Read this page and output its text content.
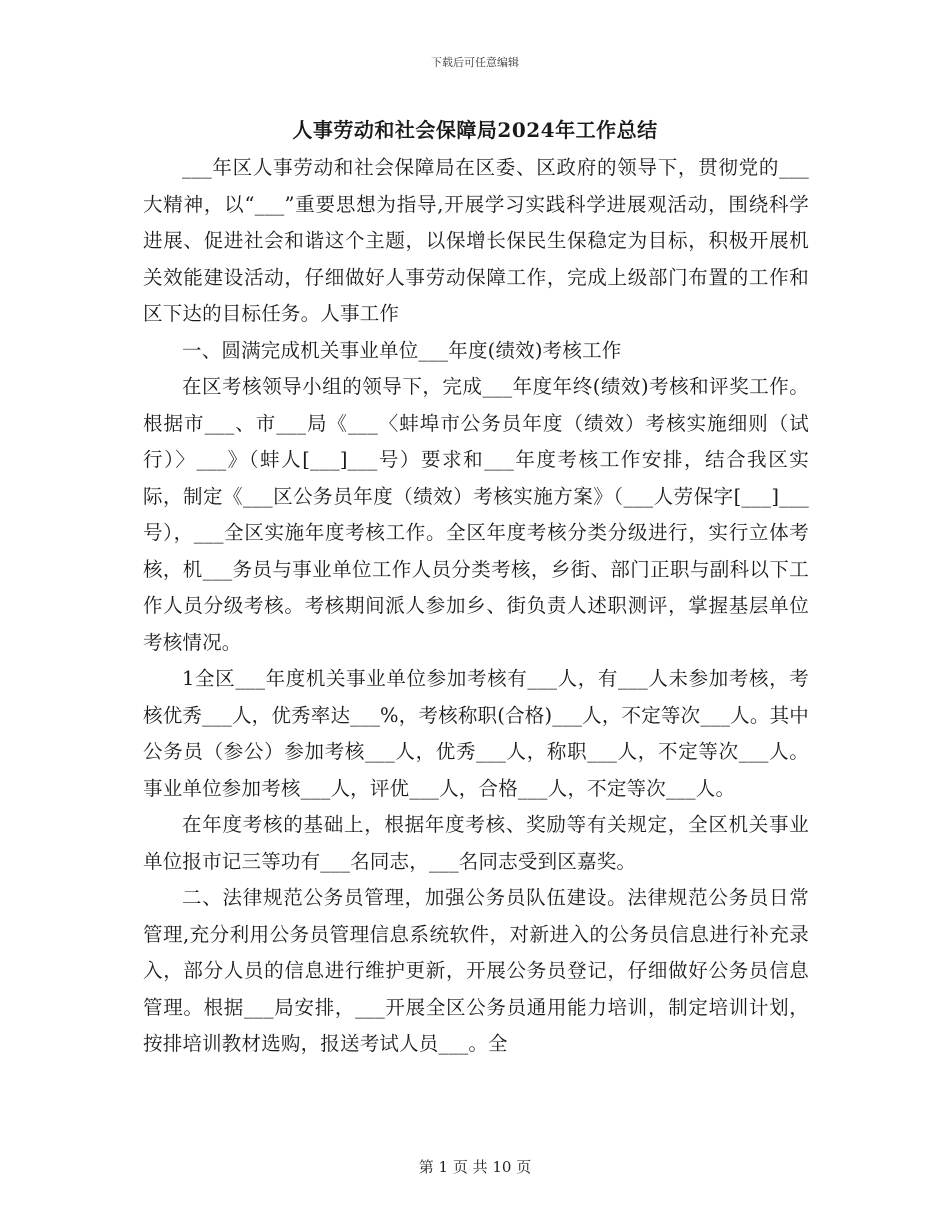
下载后可任意编辑
人事劳动和社会保障局2024年工作总结

___年区人事劳动和社会保障局在区委、区政府的领导下，贯彻党的___大精神，以“___”重要思想为指导,开展学习实践科学进展观活动，围绕科学进展、促进社会和谐这个主题，以保增长保民生保稳定为目标，积极开展机关效能建设活动，仔细做好人事劳动保障工作，完成上级部门布置的工作和区下达的目标任务。人事工作

一、圆满完成机关事业单位___年度(绩效)考核工作

在区考核领导小组的领导下，完成___年度年终(绩效)考核和评奖工作。根据市___、市___局《___〈蚌埠市公务员年度（绩效）考核实施细则（试行）〉___》（蚌人[___]___号）要求和___年度考核工作安排，结合我区实际，制定《___区公务员年度（绩效）考核实施方案》（___人劳保字[___]___号），___全区实施年度考核工作。全区年度考核分类分级进行，实行立体考核，机___务员与事业单位工作人员分类考核，乡街、部门正职与副科以下工作人员分级考核。考核期间派人参加乡、街负责人述职测评，掌握基层单位考核情况。

1全区___年度机关事业单位参加考核有___人，有___人未参加考核，考核优秀___人，优秀率达___%，考核称职(合格)___人，不定等次___人。其中公务员（参公）参加考核___人，优秀___人，称职___人，不定等次___人。事业单位参加考核___人，评优___人，合格___人，不定等次___人。

在年度考核的基础上，根据年度考核、奖励等有关规定，全区机关事业单位报市记三等功有___名同志，___名同志受到区嘉奖。

二、法律规范公务员管理，加强公务员队伍建设。法律规范公务员日常管理,充分利用公务员管理信息系统软件，对新进入的公务员信息进行补充录入，部分人员的信息进行维护更新，开展公务员登记，仔细做好公务员信息管理。根据___局安排，___开展全区公务员通用能力培训，制定培训计划，按排培训教材选购，报送考试人员___。全

第 1 页 共 10 页
